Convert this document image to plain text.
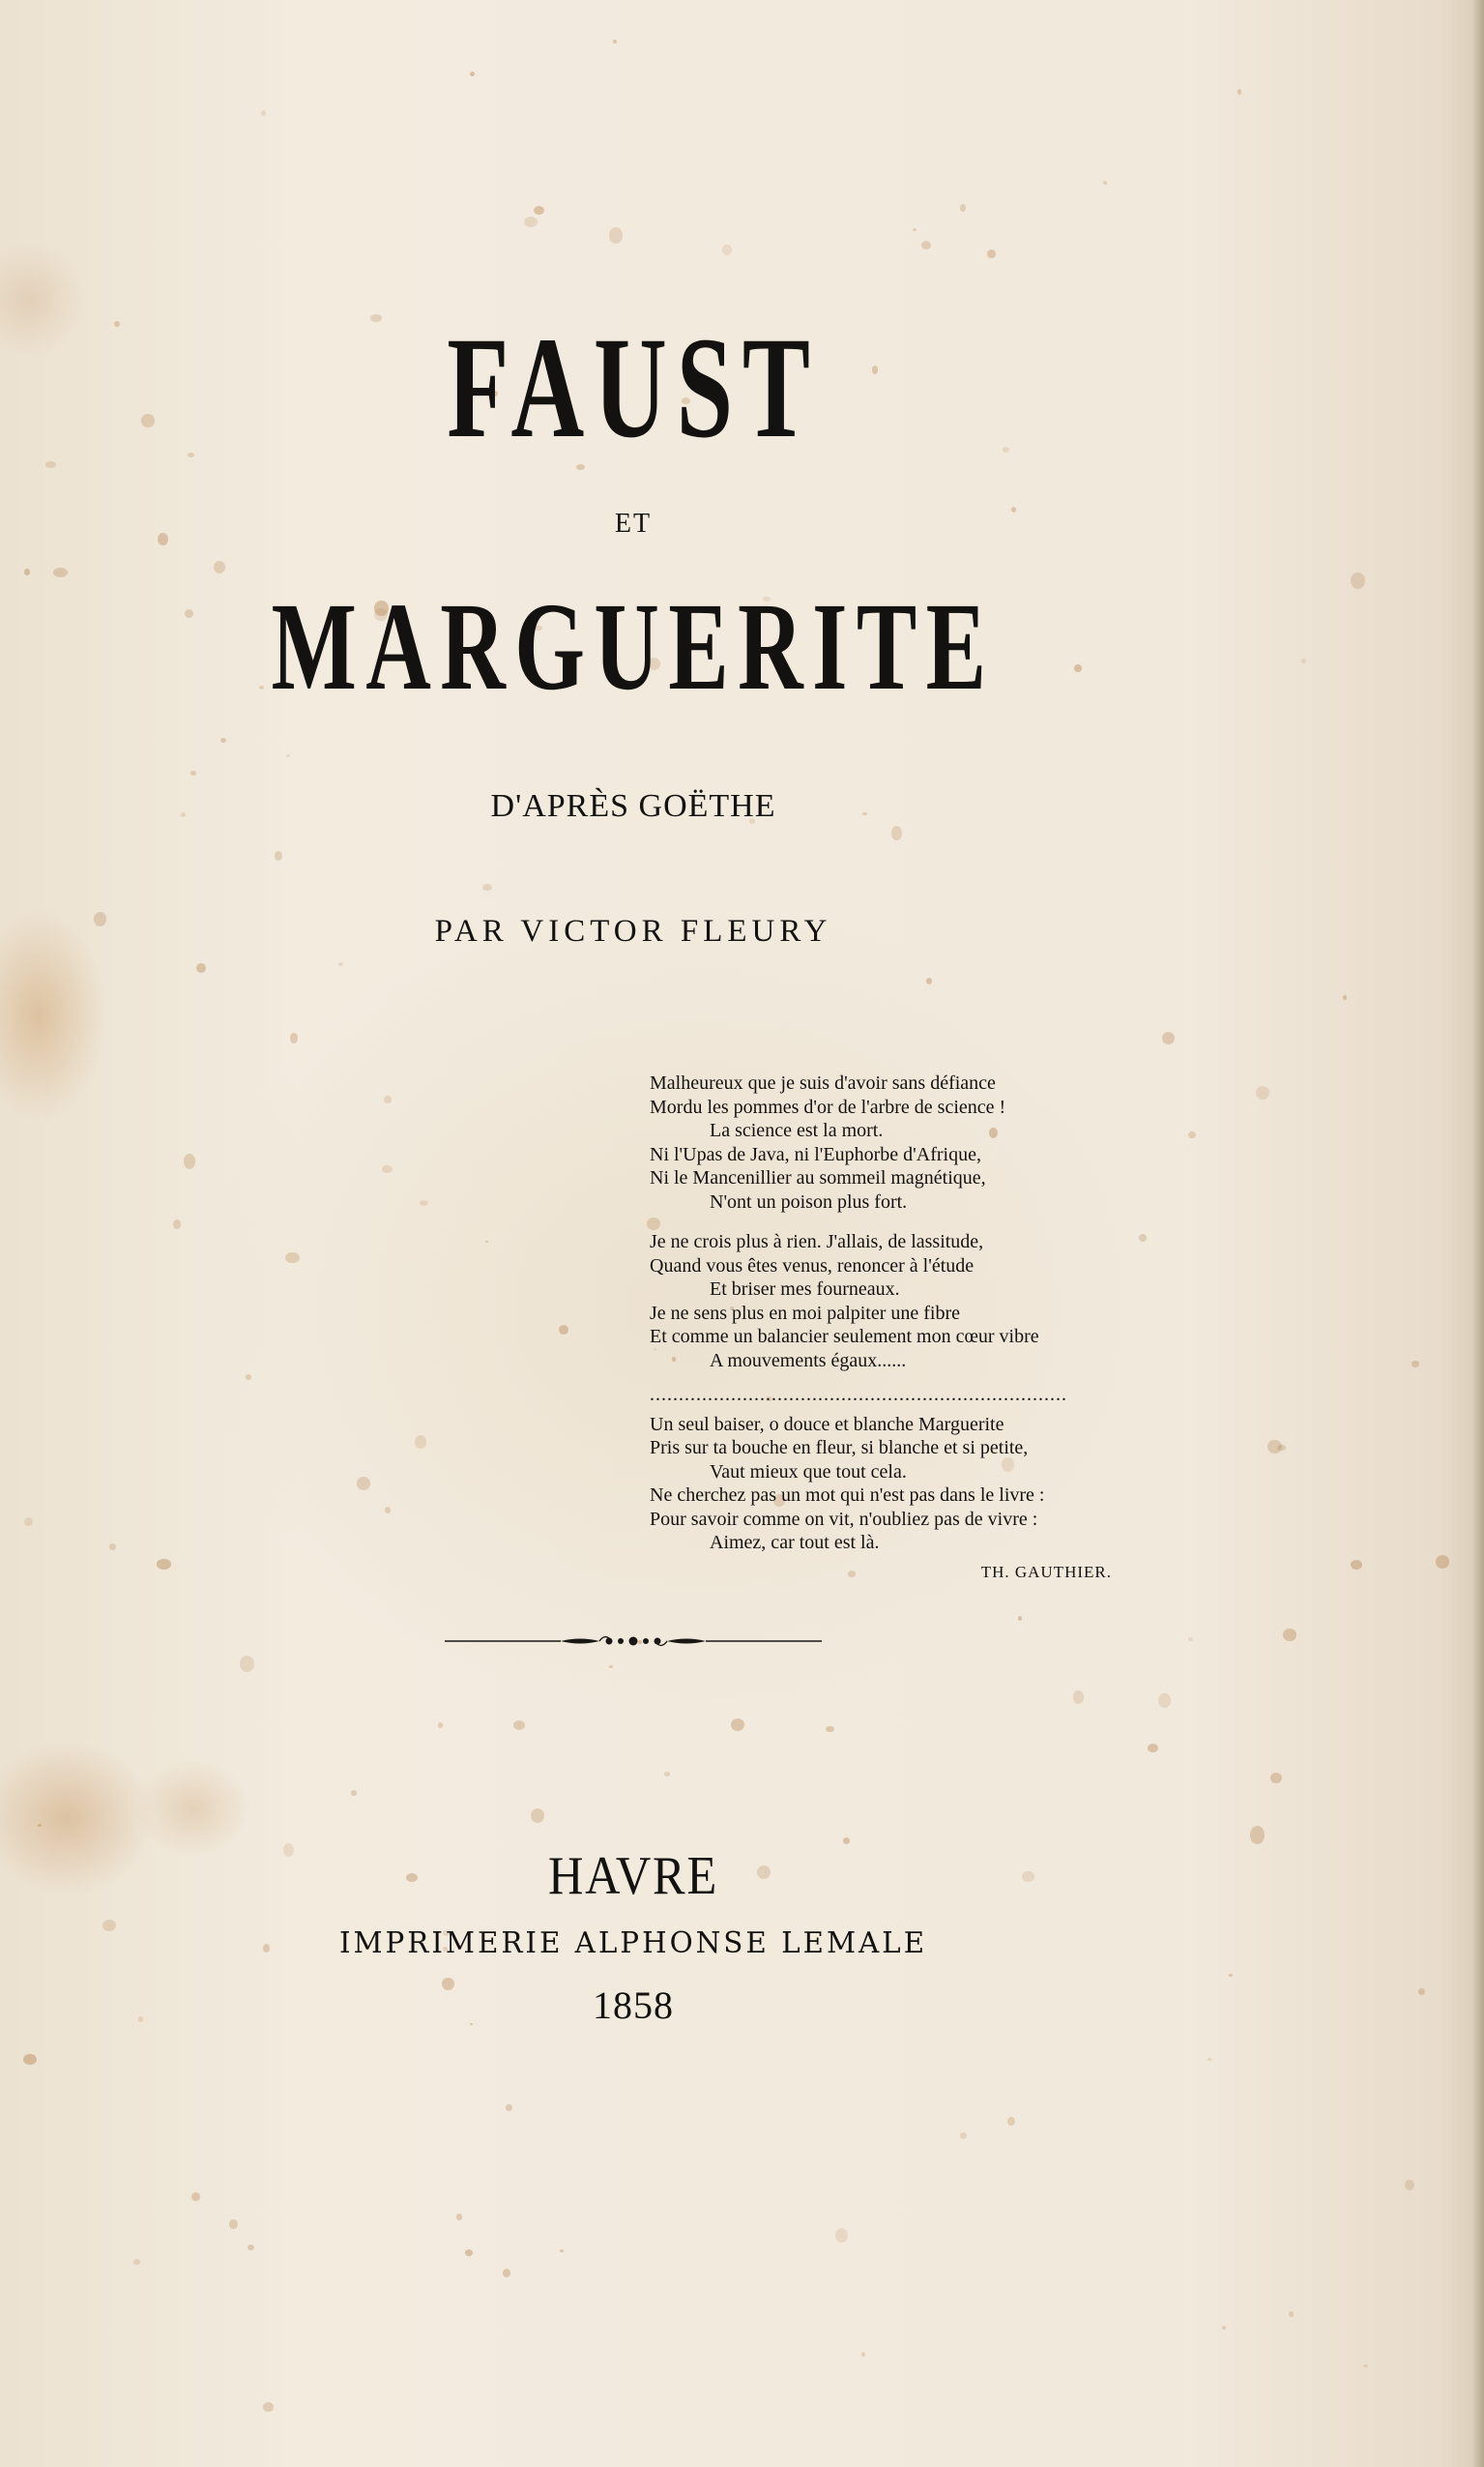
FAUST
ET
MARGUERITE
D'APRÈS GOËTHE
PAR VICTOR FLEURY
Malheureux que je suis d'avoir sans défiance
Mordu les pommes d'or de l'arbre de science !
La science est la mort.
Ni l'Upas de Java, ni l'Euphorbe d'Afrique,
Ni le Mancenillier au sommeil magnétique,
N'ont un poison plus fort.
Je ne crois plus à rien. J'allais, de lassitude,
Quand vous êtes venus, renoncer à l'étude
Et briser mes fourneaux.
Je ne sens plus en moi palpiter une fibre
Et comme un balancier seulement mon cœur vibre
A mouvements égaux......
........................................................................
Un seul baiser, o douce et blanche Marguerite
Pris sur ta bouche en fleur, si blanche et si petite,
Vaut mieux que tout cela.
Ne cherchez pas un mot qui n'est pas dans le livre :
Pour savoir comme on vit, n'oubliez pas de vivre :
Aimez, car tout est là.
TH. GAUTHIER.
HAVRE
IMPRIMERIE ALPHONSE LEMALE
1858
